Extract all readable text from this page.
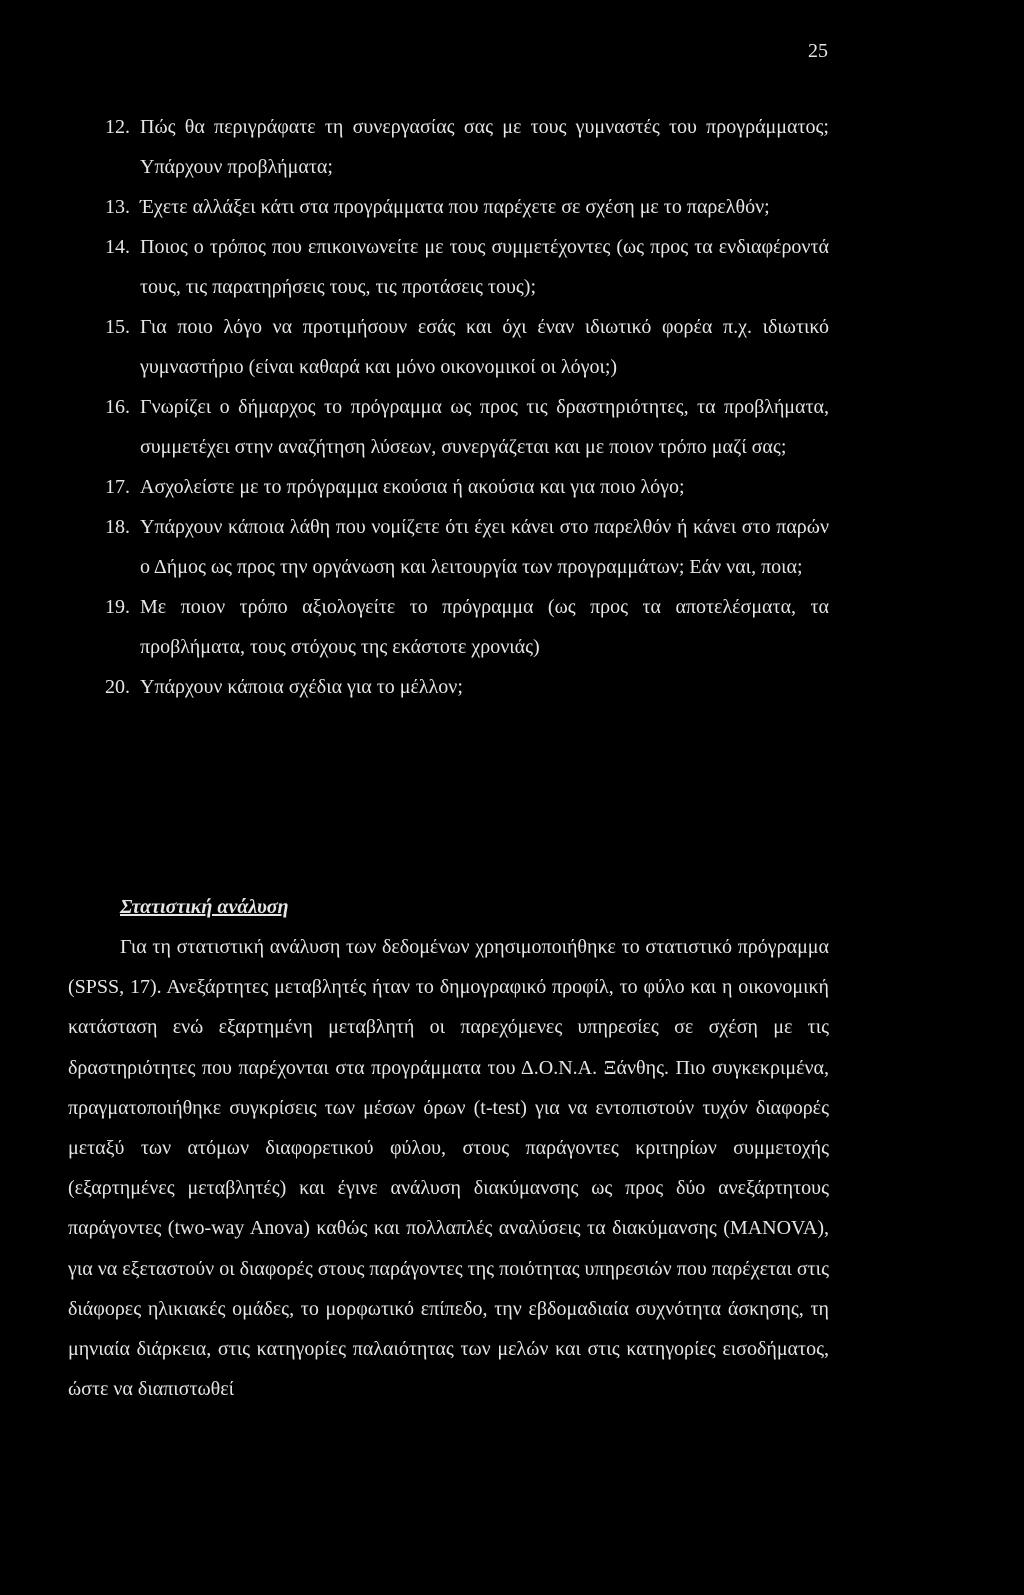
25
12. Πώς θα περιγράφατε τη συνεργασίας σας με τους γυμναστές του προγράμματος; Υπάρχουν προβλήματα;
13. Έχετε αλλάξει κάτι στα προγράμματα που παρέχετε σε σχέση με το παρελθόν;
14. Ποιος ο τρόπος που επικοινωνείτε με τους συμμετέχοντες (ως προς τα ενδιαφέροντά τους, τις παρατηρήσεις τους, τις προτάσεις τους);
15. Για ποιο λόγο να προτιμήσουν εσάς και όχι έναν ιδιωτικό φορέα π.χ. ιδιωτικό γυμναστήριο (είναι καθαρά και μόνο οικονομικοί οι λόγοι;)
16. Γνωρίζει ο δήμαρχος το πρόγραμμα ως προς τις δραστηριότητες, τα προβλήματα, συμμετέχει στην αναζήτηση λύσεων, συνεργάζεται και με ποιον τρόπο μαζί σας;
17. Ασχολείστε με το πρόγραμμα εκούσια ή ακούσια και για ποιο λόγο;
18. Υπάρχουν κάποια λάθη που νομίζετε ότι έχει κάνει στο παρελθόν ή κάνει στο παρών ο Δήμος ως προς την οργάνωση και λειτουργία των προγραμμάτων; Εάν ναι, ποια;
19. Με ποιον τρόπο αξιολογείτε το πρόγραμμα (ως προς τα αποτελέσματα, τα προβλήματα, τους στόχους της εκάστοτε χρονιάς)
20. Υπάρχουν κάποια σχέδια για το μέλλον;
Στατιστική ανάλυση

Για τη στατιστική ανάλυση των δεδομένων χρησιμοποιήθηκε το στατιστικό πρόγραμμα (SPSS, 17). Ανεξάρτητες μεταβλητές ήταν το δημογραφικό προφίλ, το φύλο και η οικονομική κατάσταση ενώ εξαρτημένη μεταβλητή οι παρεχόμενες υπηρεσίες σε σχέση με τις δραστηριότητες που παρέχονται στα προγράμματα του Δ.Ο.Ν.Α. Ξάνθης. Πιο συγκεκριμένα, πραγματοποιήθηκε συγκρίσεις των μέσων όρων (t-test) για να εντοπιστούν τυχόν διαφορές μεταξύ των ατόμων διαφορετικού φύλου, στους παράγοντες κριτηρίων συμμετοχής (εξαρτημένες μεταβλητές) και έγινε ανάλυση διακύμανσης ως προς δύο ανεξάρτητους παράγοντες (two-way Anova) καθώς και πολλαπλές αναλύσεις τα διακύμανσης (MANOVA), για να εξεταστούν οι διαφορές στους παράγοντες της ποιότητας υπηρεσιών που παρέχεται στις διάφορες ηλικιακές ομάδες, το μορφωτικό επίπεδο, την εβδομαδιαία συχνότητα άσκησης, τη μηνιαία διάρκεια, στις κατηγορίες παλαιότητας των μελών και στις κατηγορίες εισοδήματος, ώστε να διαπιστωθεί
